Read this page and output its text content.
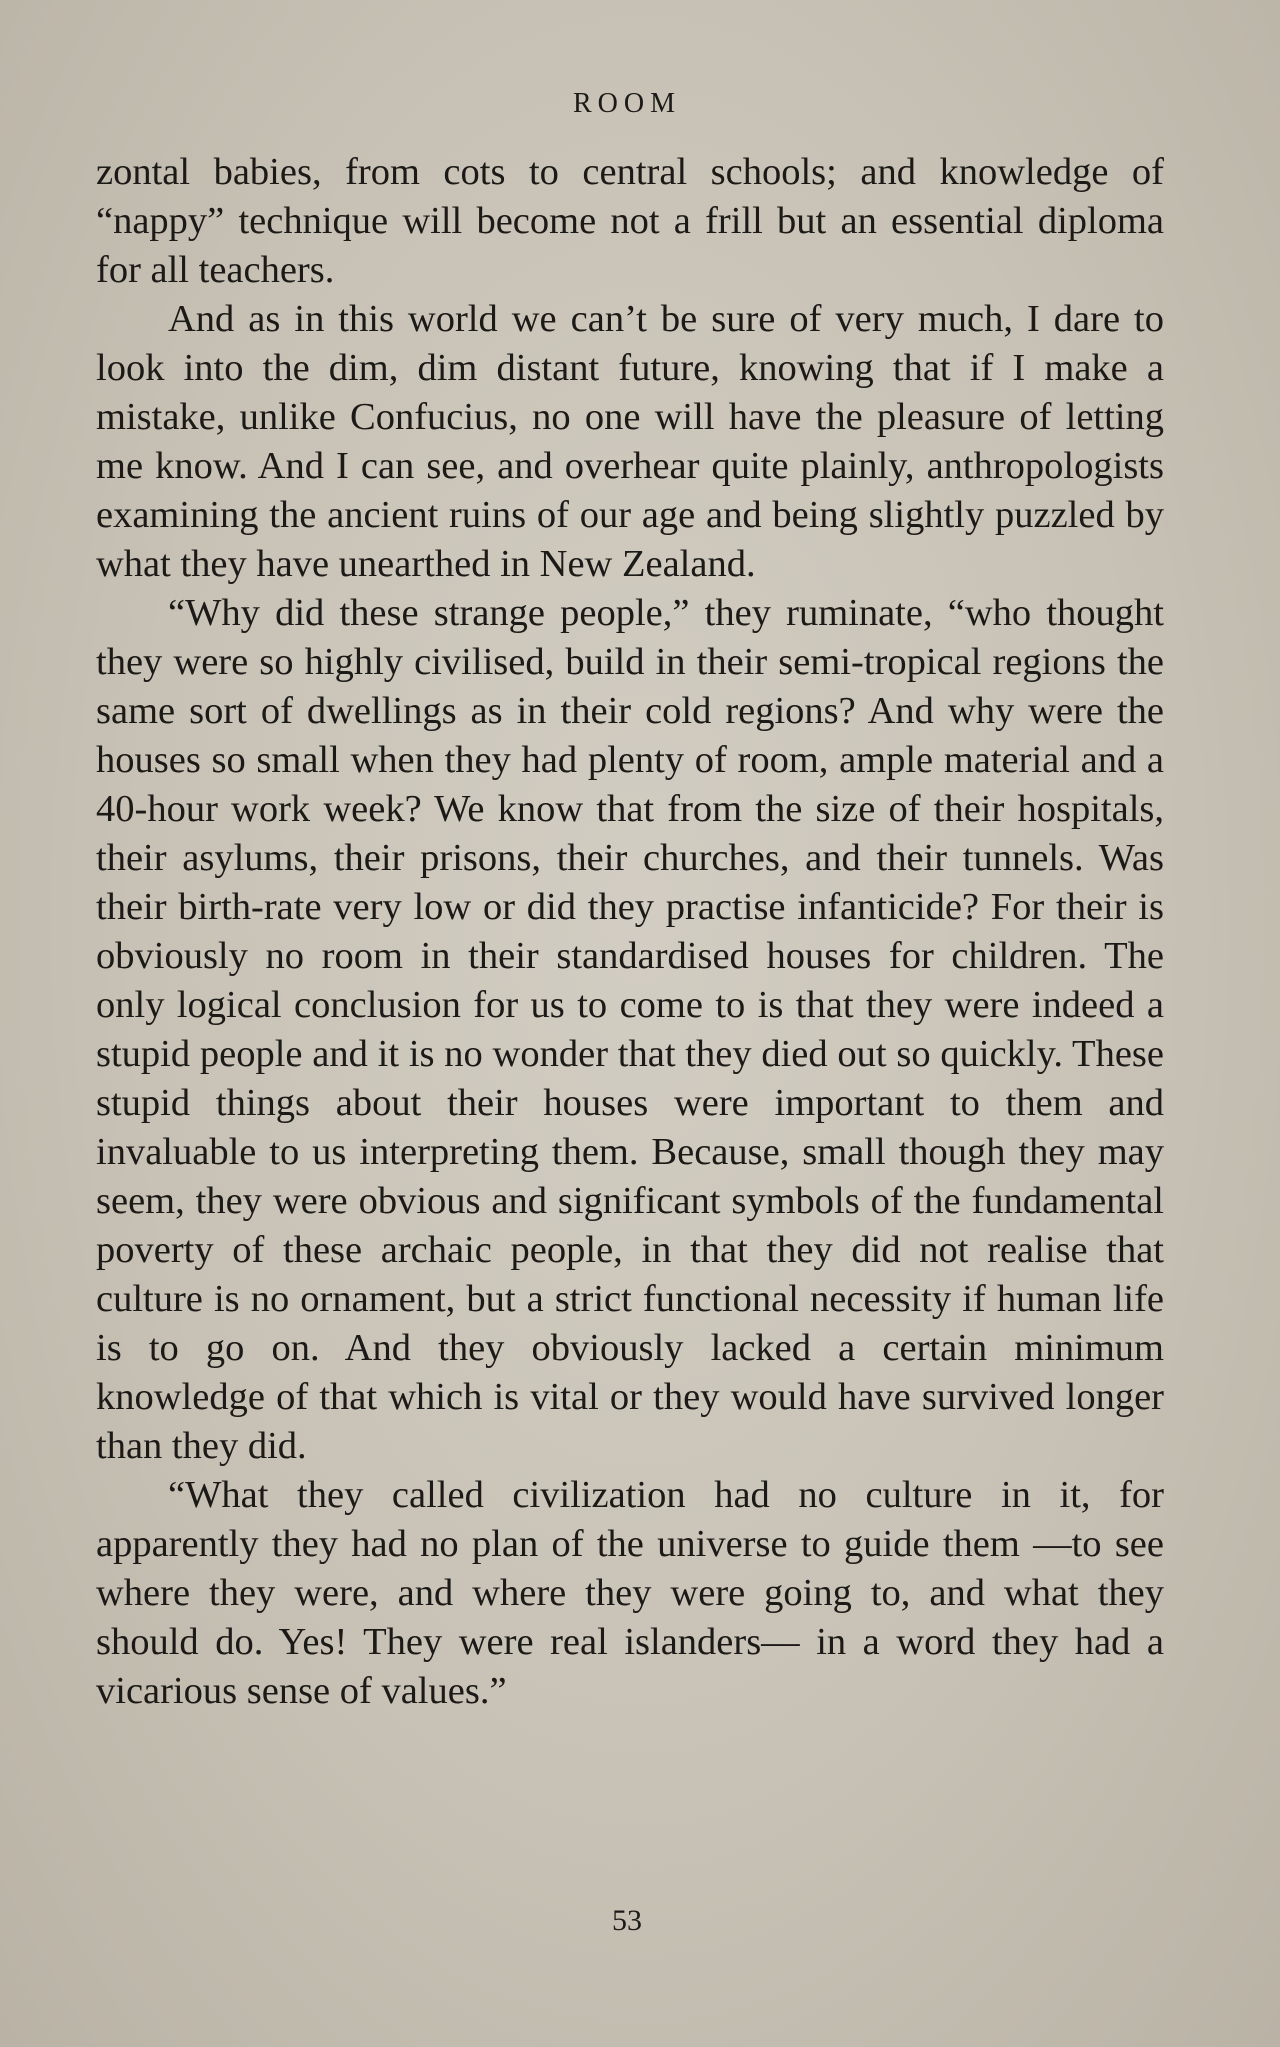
ROOM

zontal babies, from cots to central schools; and knowledge of “nappy” technique will become not a frill but an essential diploma for all teachers.

And as in this world we can’t be sure of very much, I dare to look into the dim, dim distant future, knowing that if I make a mistake, unlike Confucius, no one will have the pleasure of letting me know. And I can see, and overhear quite plainly, anthropologists examining the ancient ruins of our age and being slightly puzzled by what they have unearthed in New Zealand.

“Why did these strange people,” they ruminate, “who thought they were so highly civilised, build in their semi-tropical regions the same sort of dwellings as in their cold regions? And why were the houses so small when they had plenty of room, ample material and a 40-hour work week? We know that from the size of their hospitals, their asylums, their prisons, their churches, and their tunnels. Was their birth-rate very low or did they practise infanticide? For their is obviously no room in their standardised houses for children. The only logical conclusion for us to come to is that they were indeed a stupid people and it is no wonder that they died out so quickly. These stupid things about their houses were important to them and invaluable to us interpreting them. Because, small though they may seem, they were obvious and significant symbols of the fundamental poverty of these archaic people, in that they did not realise that culture is no ornament, but a strict functional necessity if human life is to go on. And they obviously lacked a certain minimum knowledge of that which is vital or they would have survived longer than they did.

“What they called civilization had no culture in it, for apparently they had no plan of the universe to guide them —to see where they were, and where they were going to, and what they should do. Yes! They were real islanders— in a word they had a vicarious sense of values.”

53
